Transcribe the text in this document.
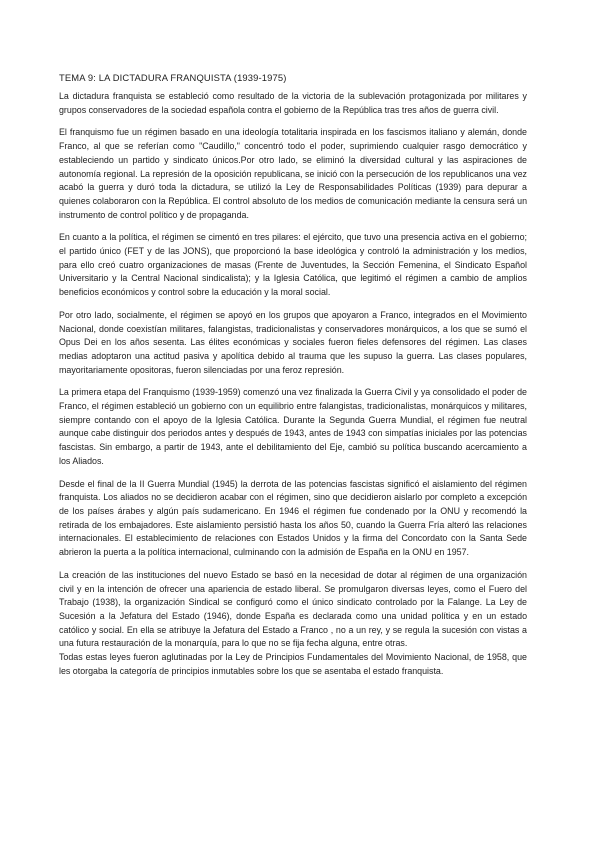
TEMA 9: LA DICTADURA FRANQUISTA (1939-1975)

La dictadura franquista se estableció como resultado de la victoria de la sublevación protagonizada por militares y grupos conservadores de la sociedad española contra el gobierno de la República tras tres años de guerra civil.

El franquismo fue un régimen basado en una ideología totalitaria inspirada en los fascismos italiano y alemán, donde Franco, al que se referían como "Caudillo," concentró todo el poder, suprimiendo cualquier rasgo democrático y estableciendo un partido y sindicato únicos.Por otro lado, se eliminó la diversidad cultural y las aspiraciones de autonomía regional. La represión de la oposición republicana, se inició con la persecución de los republicanos una vez acabó la guerra y duró toda la dictadura, se utilizó la Ley de Responsabilidades Políticas (1939) para depurar a quienes colaboraron con la República. El control absoluto de los medios de comunicación mediante la censura será un instrumento de control político y de propaganda.

En cuanto a la política, el régimen se cimentó en tres pilares: el ejército, que tuvo una presencia activa en el gobierno; el partido único (FET y de las JONS), que proporcionó la base ideológica y controló la administración y los medios, para ello creó cuatro organizaciones de masas (Frente de Juventudes, la Sección Femenina, el Sindicato Español Universitario y la Central Nacional sindicalista); y la Iglesia Católica, que legitimó el régimen a cambio de amplios beneficios económicos y control sobre la educación y la moral social.

Por otro lado, socialmente, el régimen se apoyó en los grupos que apoyaron a Franco, integrados en el Movimiento Nacional, donde coexistían militares, falangistas, tradicionalistas y conservadores monárquicos, a los que se sumó el Opus Dei en los años sesenta. Las élites económicas y sociales fueron fieles defensores del régimen. Las clases medias adoptaron una actitud pasiva y apolítica debido al trauma que les supuso la guerra. Las clases populares, mayoritariamente opositoras, fueron silenciadas por una feroz represión.

La primera etapa del Franquismo (1939-1959) comenzó una vez finalizada la Guerra Civil y ya consolidado el poder de Franco, el régimen estableció un gobierno con un equilibrio entre falangistas, tradicionalistas, monárquicos y militares, siempre contando con el apoyo de la Iglesia Católica. Durante la Segunda Guerra Mundial, el régimen fue neutral aunque cabe distinguir dos periodos antes y después de 1943, antes de 1943 con simpatías iniciales por las potencias fascistas. Sin embargo, a partir de 1943, ante el debilitamiento del Eje, cambió su política buscando acercamiento a los Aliados.

Desde el final de la II Guerra Mundial (1945) la derrota de las potencias fascistas significó el aislamiento del régimen franquista. Los aliados no se decidieron acabar con el régimen, sino que decidieron aislarlo por completo a excepción de los países árabes y algún país sudamericano. En 1946 el régimen fue condenado por la ONU y recomendó la retirada de los embajadores. Este aislamiento persistió hasta los años 50, cuando la Guerra Fría alteró las relaciones internacionales. El establecimiento de relaciones con Estados Unidos y la firma del Concordato con la Santa Sede abrieron la puerta a la política internacional, culminando con la admisión de España en la ONU en 1957.

La creación de las instituciones del nuevo Estado se basó en la necesidad de dotar al régimen de una organización civil y en la intención de ofrecer una apariencia de estado liberal. Se promulgaron diversas leyes, como el Fuero del Trabajo (1938), la organización Sindical se configuró como el único sindicato controlado por la Falange. La Ley de Sucesión a la Jefatura del Estado (1946), donde España es declarada como una unidad política y en un estado católico y social. En ella se atribuye la Jefatura del Estado a Franco , no a un rey, y se regula la sucesión con vistas a una futura restauración de la monarquía, para lo que no se fija fecha alguna, entre otras.

Todas estas leyes fueron aglutinadas por la Ley de Principios Fundamentales del Movimiento Nacional, de 1958, que les otorgaba la categoría de principios inmutables sobre los que se asentaba el estado franquista.
